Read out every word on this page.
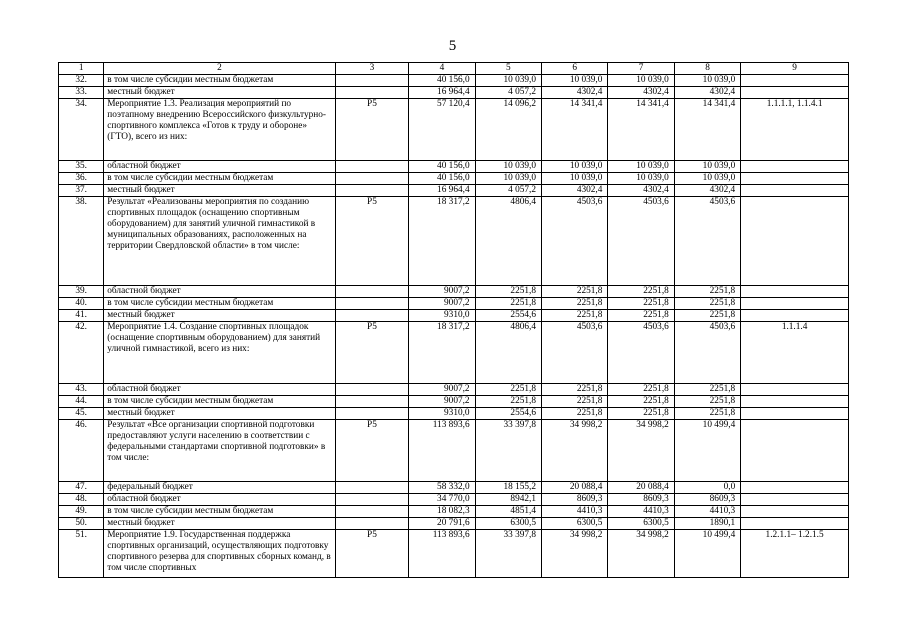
5
1	2	3	4	5	6	7	8	9
32.	в том числе субсидии местным бюджетам		40 156,0	10 039,0	10 039,0	10 039,0	10 039,0	
33.	местный бюджет		16 964,4	4 057,2	4302,4	4302,4	4302,4	
34.	Мероприятие 1.3. Реализация мероприятий по поэтапному внедрению Всероссийского физкультурно-спортивного комплекса «Готов к труду и обороне» (ГТО), всего из них:	Р5	57 120,4	14 096,2	14 341,4	14 341,4	14 341,4	1.1.1.1, 1.1.4.1
35.	областной бюджет		40 156,0	10 039,0	10 039,0	10 039,0	10 039,0	
36.	в том числе субсидии местным бюджетам		40 156,0	10 039,0	10 039,0	10 039,0	10 039,0	
37.	местный бюджет		16 964,4	4 057,2	4302,4	4302,4	4302,4	
38.	Результат «Реализованы мероприятия по созданию спортивных площадок (оснащению спортивным оборудованием) для занятий уличной гимнастикой в муниципальных образованиях, расположенных на территории Свердловской области» в том числе:	Р5	18 317,2	4806,4	4503,6	4503,6	4503,6	
39.	областной бюджет		9007,2	2251,8	2251,8	2251,8	2251,8	
40.	в том числе субсидии местным бюджетам		9007,2	2251,8	2251,8	2251,8	2251,8	
41.	местный бюджет		9310,0	2554,6	2251,8	2251,8	2251,8	
42.	Мероприятие 1.4. Создание спортивных площадок (оснащение спортивным оборудованием) для занятий уличной гимнастикой, всего из них:	Р5	18 317,2	4806,4	4503,6	4503,6	4503,6	1.1.1.4
43.	областной бюджет		9007,2	2251,8	2251,8	2251,8	2251,8	
44.	в том числе субсидии местным бюджетам		9007,2	2251,8	2251,8	2251,8	2251,8	
45.	местный бюджет		9310,0	2554,6	2251,8	2251,8	2251,8	
46.	Результат «Все организации спортивной подготовки предоставляют услуги населению в соответствии с федеральными стандартами спортивной подготовки» в том числе:	Р5	113 893,6	33 397,8	34 998,2	34 998,2	10 499,4	
47.	федеральный бюджет		58 332,0	18 155,2	20 088,4	20 088,4	0,0	
48.	областной бюджет		34 770,0	8942,1	8609,3	8609,3	8609,3	
49.	в том числе субсидии местным бюджетам		18 082,3	4851,4	4410,3	4410,3	4410,3	
50.	местный бюджет		20 791,6	6300,5	6300,5	6300,5	1890,1	
51.	Мероприятие 1.9. Государственная поддержка спортивных организаций, осуществляющих подготовку спортивного резерва для спортивных сборных команд, в том числе спортивных	Р5	113 893,6	33 397,8	34 998,2	34 998,2	10 499,4	1.2.1.1– 1.2.1.5
